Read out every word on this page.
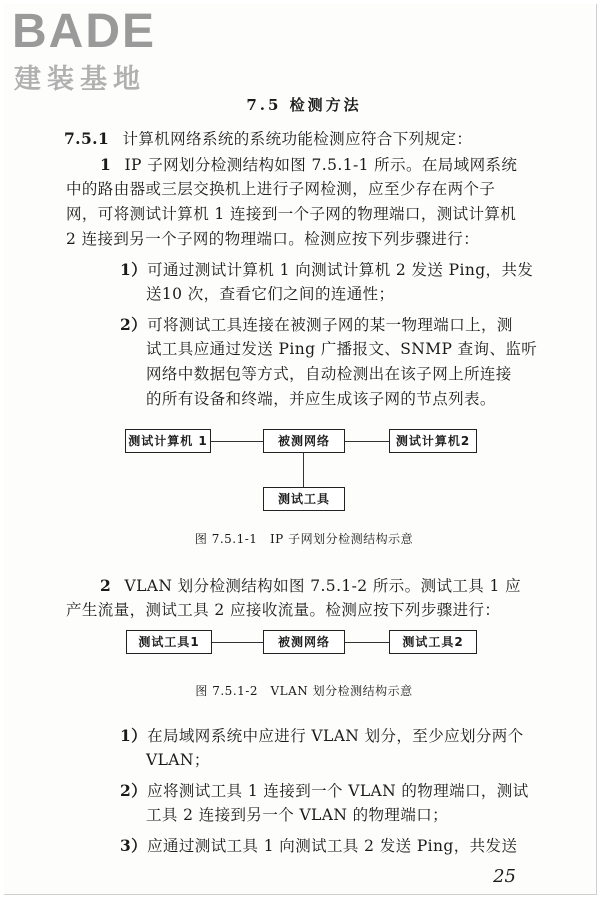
BADE
建装基地
7.5 检测方法
7.5.1 计算机网络系统的系统功能检测应符合下列规定：
1 IP 子网划分检测结构如图 7.5.1-1 所示。在局域网系统
中的路由器或三层交换机上进行子网检测，应至少存在两个子
网，可将测试计算机 1 连接到一个子网的物理端口，测试计算机
2 连接到另一个子网的物理端口。检测应按下列步骤进行：
1）可通过测试计算机 1 向测试计算机 2 发送 Ping，共发
送10 次，查看它们之间的连通性；
2）可将测试工具连接在被测子网的某一物理端口上，测
试工具应通过发送 Ping 广播报文、SNMP 查询、监听
网络中数据包等方式，自动检测出在该子网上所连接
的所有设备和终端，并应生成该子网的节点列表。
测试计算机 1	被测网络	测试计算机2
测试工具
图 7.5.1-1　IP 子网划分检测结构示意
2 VLAN 划分检测结构如图 7.5.1-2 所示。测试工具 1 应
产生流量，测试工具 2 应接收流量。检测应按下列步骤进行：
测试工具1	被测网络	测试工具2
图 7.5.1-2　VLAN 划分检测结构示意
1）在局域网系统中应进行 VLAN 划分，至少应划分两个
VLAN；
2）应将测试工具 1 连接到一个 VLAN 的物理端口，测试
工具 2 连接到另一个 VLAN 的物理端口；
3）应通过测试工具 1 向测试工具 2 发送 Ping，共发送
25
